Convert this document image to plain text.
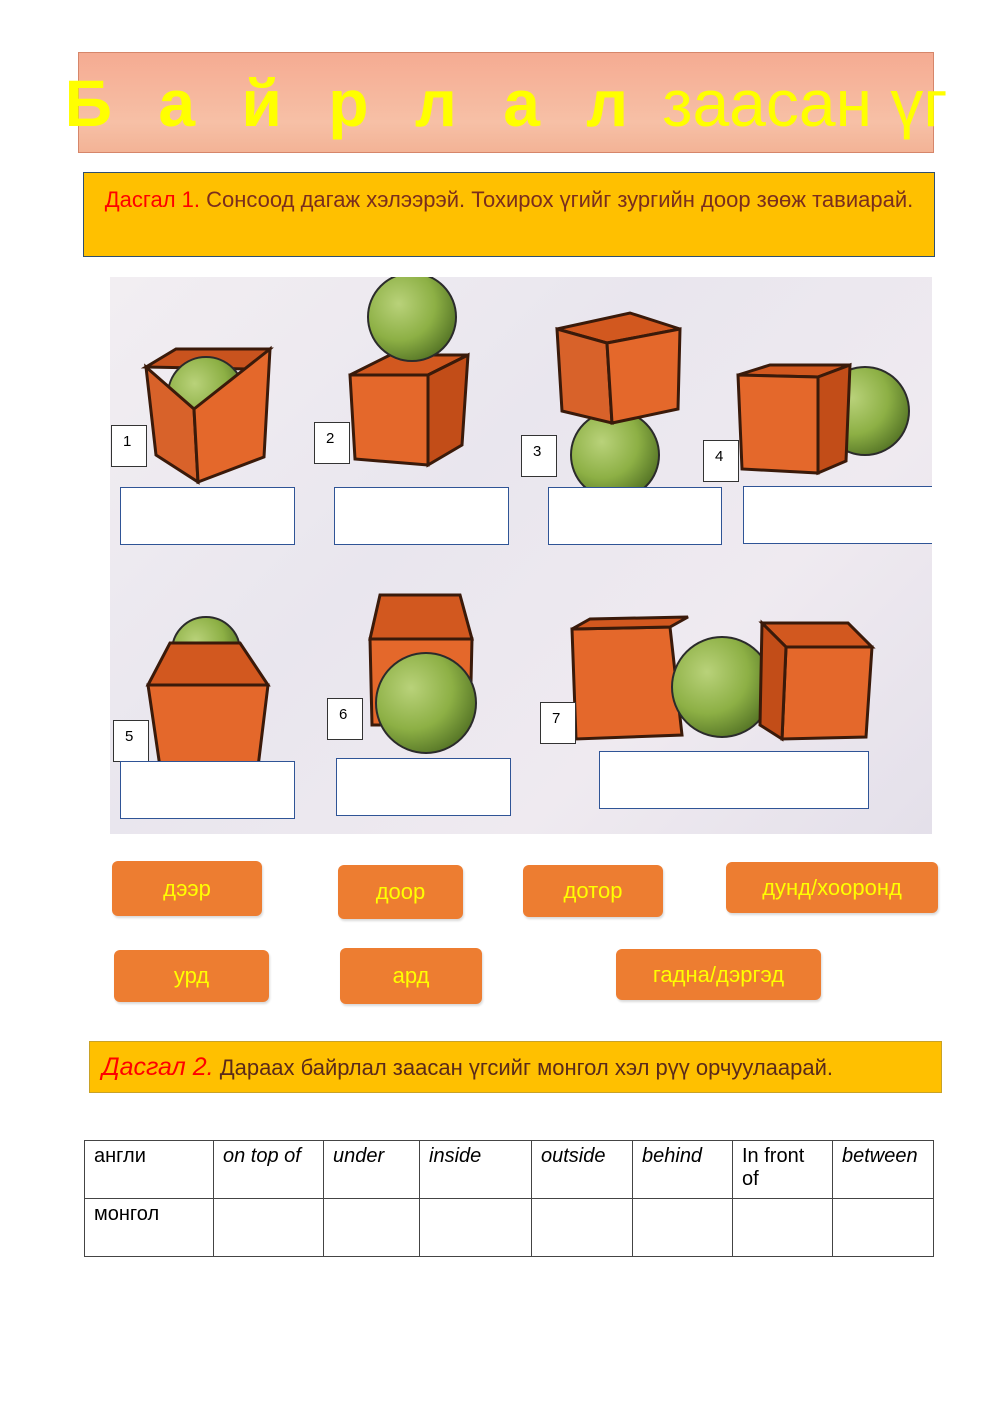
Б а й р л а л заасан үг
Дасгал 1. Сонсоод дагаж хэлээрэй. Тохирох үгийг зургийн доор зөөж тавиарай.
1	2
3	4
5
6	7
дээр	доор	дотор	дунд/хооронд
урд	ард	гадна/дэргэд
Дасгал 2. Дараах байрлал заасан үгсийг монгол хэл рүү орчуулаарай.
англи	on top of	under	inside	outside	behind	In front of	between
монгол							
